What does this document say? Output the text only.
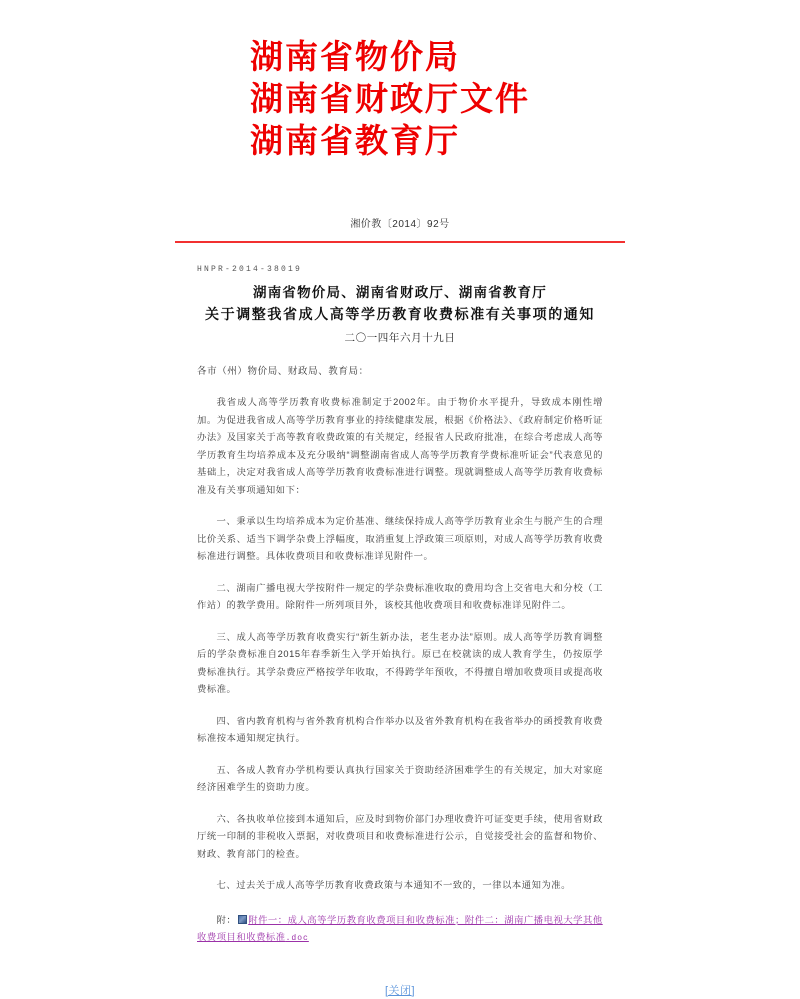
湖南省物价局
湖南省财政厅文件
湖南省教育厅
湘价教〔2014〕92号
HNPR-2014-38019
湖南省物价局、湖南省财政厅、湖南省教育厅
关于调整我省成人高等学历教育收费标准有关事项的通知
二〇一四年六月十九日
各市（州）物价局、财政局、教育局：
我省成人高等学历教育收费标准制定于2002年。由于物价水平提升，导致成本刚性增加。为促进我省成人高等学历教育事业的持续健康发展，根据《价格法》、《政府制定价格听证办法》及国家关于高等教育收费政策的有关规定，经报省人民政府批准，在综合考虑成人高等学历教育生均培养成本及充分吸纳“调整湖南省成人高等学历教育学费标准听证会”代表意见的基础上，决定对我省成人高等学历教育收费标准进行调整。现就调整成人高等学历教育收费标准及有关事项通知如下：
一、秉承以生均培养成本为定价基准、继续保持成人高等学历教育业余生与脱产生的合理比价关系、适当下调学杂费上浮幅度，取消重复上浮政策三项原则，对成人高等学历教育收费标准进行调整。具体收费项目和收费标准详见附件一。
二、湖南广播电视大学按附件一规定的学杂费标准收取的费用均含上交省电大和分校（工作站）的教学费用。除附件一所列项目外，该校其他收费项目和收费标准详见附件二。
三、成人高等学历教育收费实行“新生新办法，老生老办法”原则。成人高等学历教育调整后的学杂费标准自2015年春季新生入学开始执行。原已在校就读的成人教育学生，仍按原学费标准执行。其学杂费应严格按学年收取，不得跨学年预收，不得擅自增加收费项目或提高收费标准。
四、省内教育机构与省外教育机构合作举办以及省外教育机构在我省举办的函授教育收费标准按本通知规定执行。
五、各成人教育办学机构要认真执行国家关于资助经济困难学生的有关规定，加大对家庭经济困难学生的资助力度。
六、各执收单位接到本通知后，应及时到物价部门办理收费许可证变更手续，使用省财政厅统一印制的非税收入票据，对收费项目和收费标准进行公示，自觉接受社会的监督和物价、财政、教育部门的检查。
七、过去关于成人高等学历教育收费政策与本通知不一致的，一律以本通知为准。
附： 附件一：成人高等学历教育收费项目和收费标准；附件二：湖南广播电视大学其他收费项目和收费标准.doc
[关闭]
